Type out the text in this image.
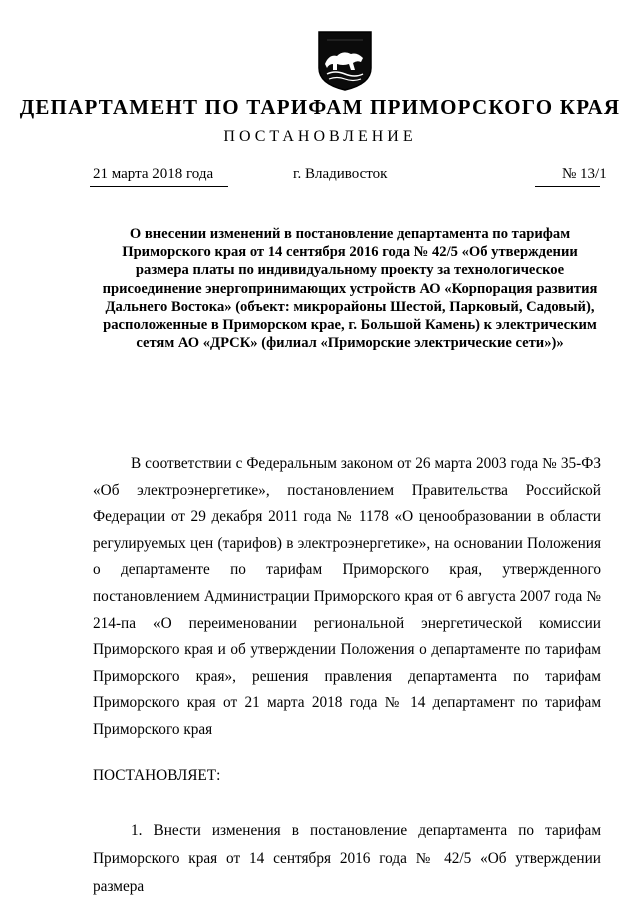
ДЕПАРТАМЕНТ ПО ТАРИФАМ ПРИМОРСКОГО КРАЯ
ПОСТАНОВЛЕНИЕ
21 марта 2018 года	г. Владивосток	№ 13/1
О внесении изменений в постановление департамента по тарифам Приморского края от 14 сентября 2016 года № 42/5 «Об утверждении размера платы по индивидуальному проекту за технологическое присоединение энергопринимающих устройств АО «Корпорация развития Дальнего Востока» (объект: микрорайоны Шестой, Парковый, Садовый), расположенные в Приморском крае, г. Большой Камень) к электрическим сетям АО «ДРСК» (филиал «Приморские электрические сети»)»

В соответствии с Федеральным законом от 26 марта 2003 года № 35-ФЗ «Об электроэнергетике», постановлением Правительства Российской Федерации от 29 декабря 2011 года № 1178 «О ценообразовании в области регулируемых цен (тарифов) в электроэнергетике», на основании Положения о департаменте по тарифам Приморского края, утвержденного постановлением Администрации Приморского края от 6 августа 2007 года № 214-па «О переименовании региональной энергетической комиссии Приморского края и об утверждении Положения о департаменте по тарифам Приморского края», решения правления департамента по тарифам Приморского края от 21 марта 2018 года № 14 департамент по тарифам Приморского края

ПОСТАНОВЛЯЕТ:

1. Внести изменения в постановление департамента по тарифам Приморского края от 14 сентября 2016 года № 42/5 «Об утверждении размера
